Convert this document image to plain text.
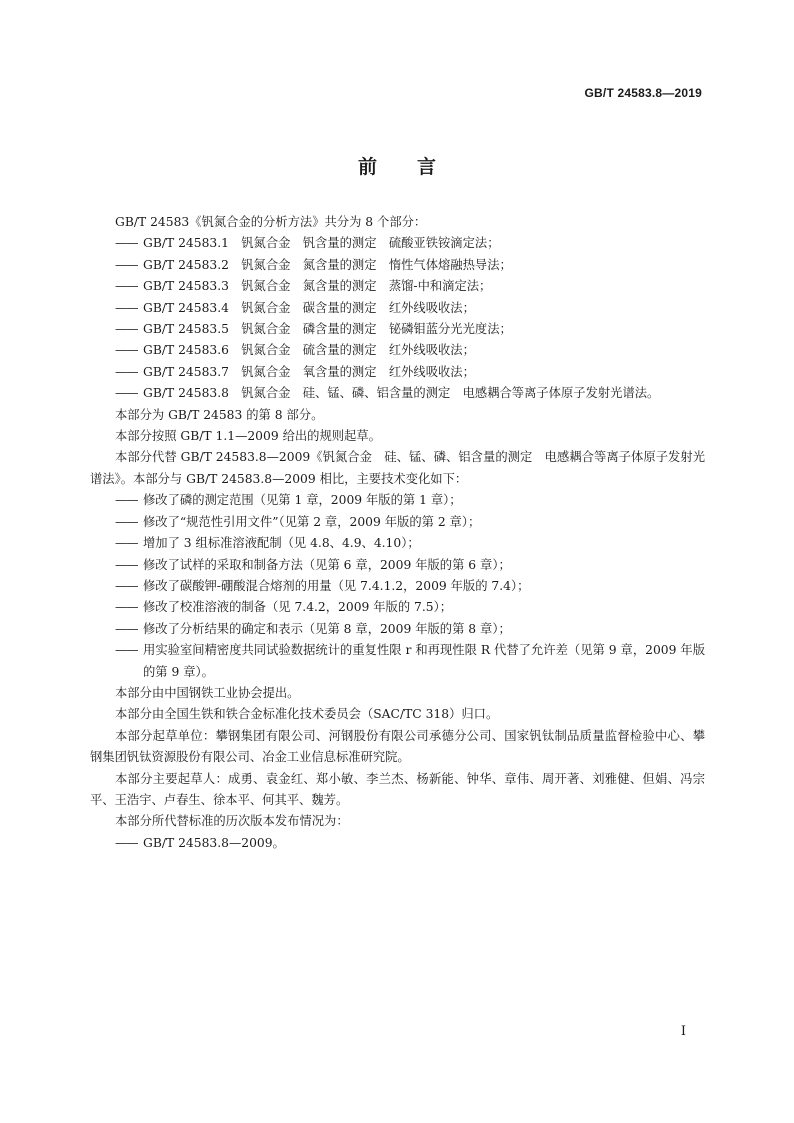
GB/T 24583.8—2019
前言

GB/T 24583《钒氮合金的分析方法》共分为 8 个部分：

—— GB/T 24583.1　钒氮合金　钒含量的测定　硫酸亚铁铵滴定法；

—— GB/T 24583.2　钒氮合金　氮含量的测定　惰性气体熔融热导法；

—— GB/T 24583.3　钒氮合金　氮含量的测定　蒸馏-中和滴定法；

—— GB/T 24583.4　钒氮合金　碳含量的测定　红外线吸收法；

—— GB/T 24583.5　钒氮合金　磷含量的测定　铋磷钼蓝分光光度法；

—— GB/T 24583.6　钒氮合金　硫含量的测定　红外线吸收法；

—— GB/T 24583.7　钒氮合金　氧含量的测定　红外线吸收法；

—— GB/T 24583.8　钒氮合金　硅、锰、磷、铝含量的测定　电感耦合等离子体原子发射光谱法。

本部分为 GB/T 24583 的第 8 部分。

本部分按照 GB/T 1.1—2009 给出的规则起草。

本部分代替 GB/T 24583.8—2009《钒氮合金　硅、锰、磷、铝含量的测定　电感耦合等离子体原子发射光谱法》。本部分与 GB/T 24583.8—2009 相比，主要技术变化如下：

—— 修改了磷的测定范围（见第 1 章，2009 年版的第 1 章）；

—— 修改了“规范性引用文件”（见第 2 章，2009 年版的第 2 章）；

—— 增加了 3 组标准溶液配制（见 4.8、4.9、4.10）；

—— 修改了试样的采取和制备方法（见第 6 章，2009 年版的第 6 章）；

—— 修改了碳酸钾-硼酸混合熔剂的用量（见 7.4.1.2，2009 年版的 7.4）；

—— 修改了校准溶液的制备（见 7.4.2，2009 年版的 7.5）；

—— 修改了分析结果的确定和表示（见第 8 章，2009 年版的第 8 章）；

—— 用实验室间精密度共同试验数据统计的重复性限 r 和再现性限 R 代替了允许差（见第 9 章，2009 年版的第 9 章）。

本部分由中国钢铁工业协会提出。

本部分由全国生铁和铁合金标准化技术委员会（SAC/TC 318）归口。

本部分起草单位：攀钢集团有限公司、河钢股份有限公司承德分公司、国家钒钛制品质量监督检验中心、攀钢集团钒钛资源股份有限公司、冶金工业信息标准研究院。

本部分主要起草人：成勇、袁金红、郑小敏、李兰杰、杨新能、钟华、章伟、周开著、刘雅健、但娟、冯宗平、王浩宇、卢春生、徐本平、何其平、魏芳。

本部分所代替标准的历次版本发布情况为：

—— GB/T 24583.8—2009。

I
